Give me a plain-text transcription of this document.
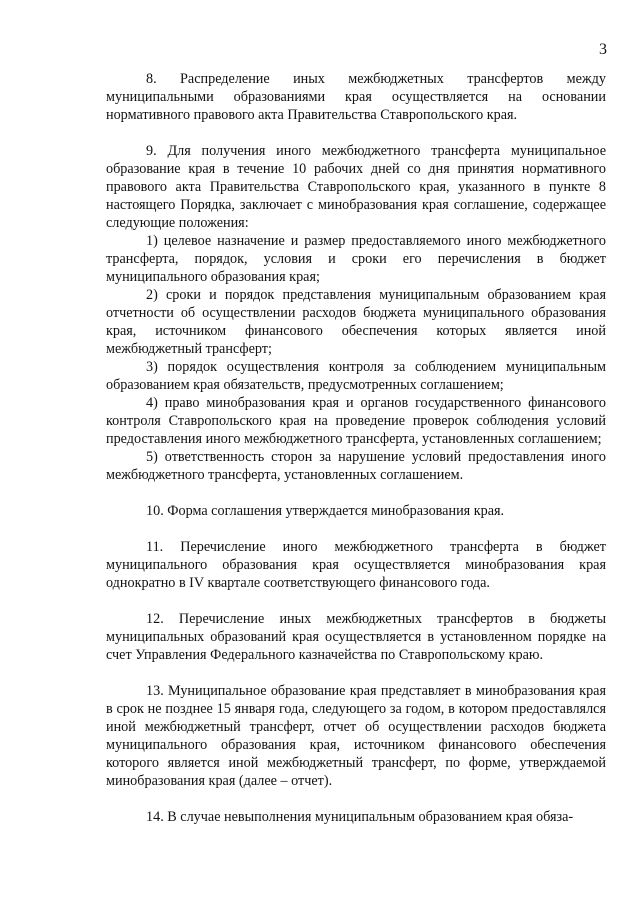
3

8. Распределение иных межбюджетных трансфертов между муниципальными образованиями края осуществляется на основании нормативного правового акта Правительства Ставропольского края.

9. Для получения иного межбюджетного трансферта муниципальное образование края в течение 10 рабочих дней со дня принятия нормативного правового акта Правительства Ставропольского края, указанного в пункте 8 настоящего Порядка, заключает с минобразования края соглашение, содержащее следующие положения:

1) целевое назначение и размер предоставляемого иного межбюджетного трансферта, порядок, условия и сроки его перечисления в бюджет муниципального образования края;

2) сроки и порядок представления муниципальным образованием края отчетности об осуществлении расходов бюджета муниципального образования края, источником финансового обеспечения которых является иной межбюджетный трансферт;

3) порядок осуществления контроля за соблюдением муниципальным образованием края обязательств, предусмотренных соглашением;

4) право минобразования края и органов государственного финансового контроля Ставропольского края на проведение проверок соблюдения условий предоставления иного межбюджетного трансферта, установленных соглашением;

5) ответственность сторон за нарушение условий предоставления иного межбюджетного трансферта, установленных соглашением.

10. Форма соглашения утверждается минобразования края.

11. Перечисление иного межбюджетного трансферта в бюджет муниципального образования края осуществляется минобразования края однократно в IV квартале соответствующего финансового года.

12. Перечисление иных межбюджетных трансфертов в бюджеты муниципальных образований края осуществляется в установленном порядке на счет Управления Федерального казначейства по Ставропольскому краю.

13. Муниципальное образование края представляет в минобразования края в срок не позднее 15 января года, следующего за годом, в котором предоставлялся иной межбюджетный трансферт, отчет об осуществлении расходов бюджета муниципального образования края, источником финансового обеспечения которого является иной межбюджетный трансферт, по форме, утверждаемой минобразования края (далее – отчет).

14. В случае невыполнения муниципальным образованием края обяза-
